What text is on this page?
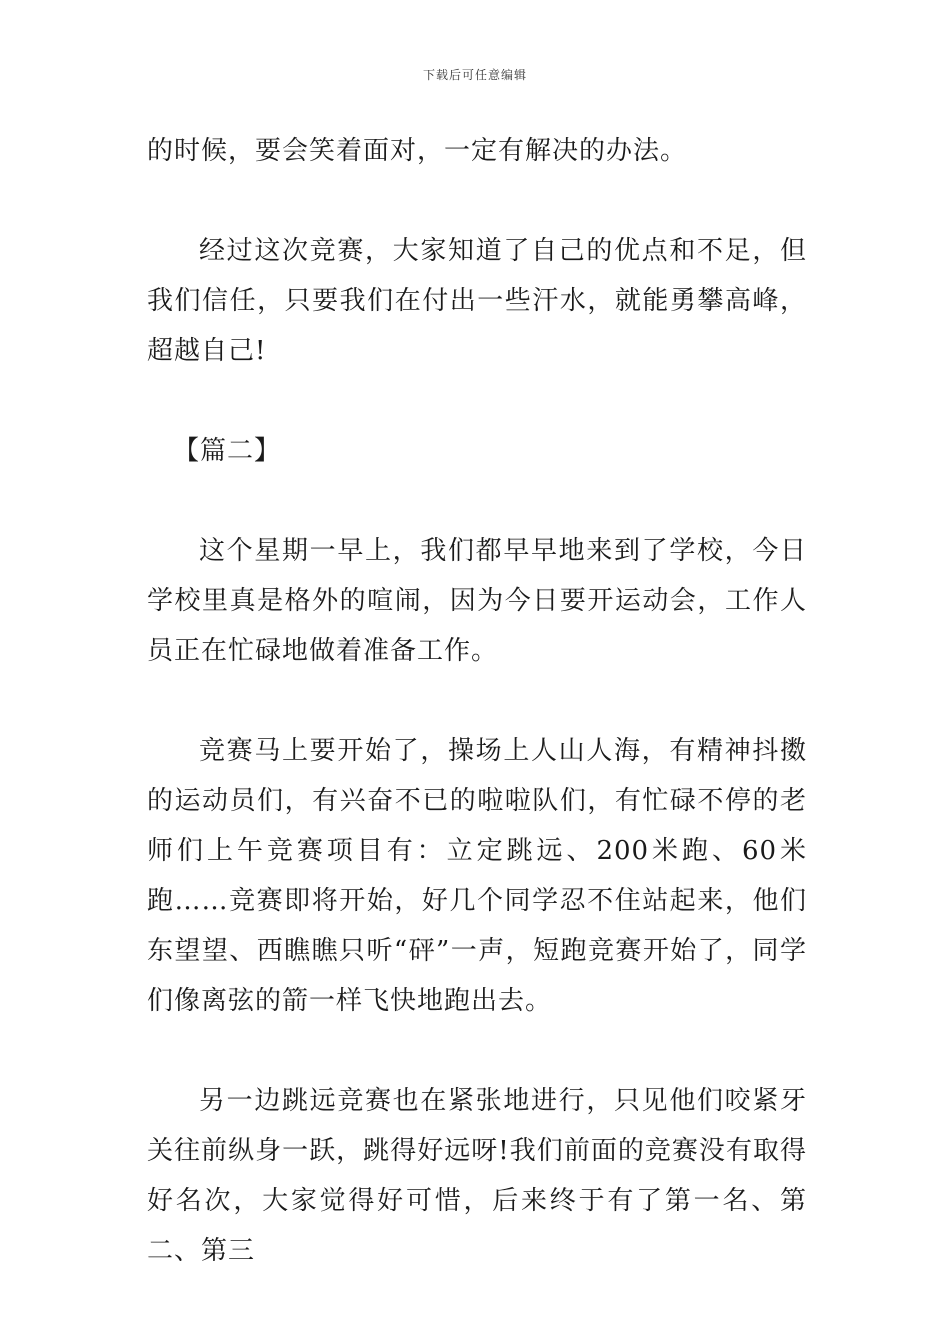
下载后可任意编辑

的时候，要会笑着面对，一定有解决的办法。

经过这次竞赛，大家知道了自己的优点和不足，但我们信任，只要我们在付出一些汗水，就能勇攀高峰，超越自己!

【篇二】

这个星期一早上，我们都早早地来到了学校，今日学校里真是格外的喧闹，因为今日要开运动会，工作人员正在忙碌地做着准备工作。

竞赛马上要开始了，操场上人山人海，有精神抖擞的运动员们，有兴奋不已的啦啦队们，有忙碌不停的老师们上午竞赛项目有：立定跳远、200米跑、60米跑……竞赛即将开始，好几个同学忍不住站起来，他们东望望、西瞧瞧只听“砰”一声，短跑竞赛开始了，同学们像离弦的箭一样飞快地跑出去。

另一边跳远竞赛也在紧张地进行，只见他们咬紧牙关往前纵身一跃，跳得好远呀!我们前面的竞赛没有取得好名次，大家觉得好可惜，后来终于有了第一名、第二、第三
